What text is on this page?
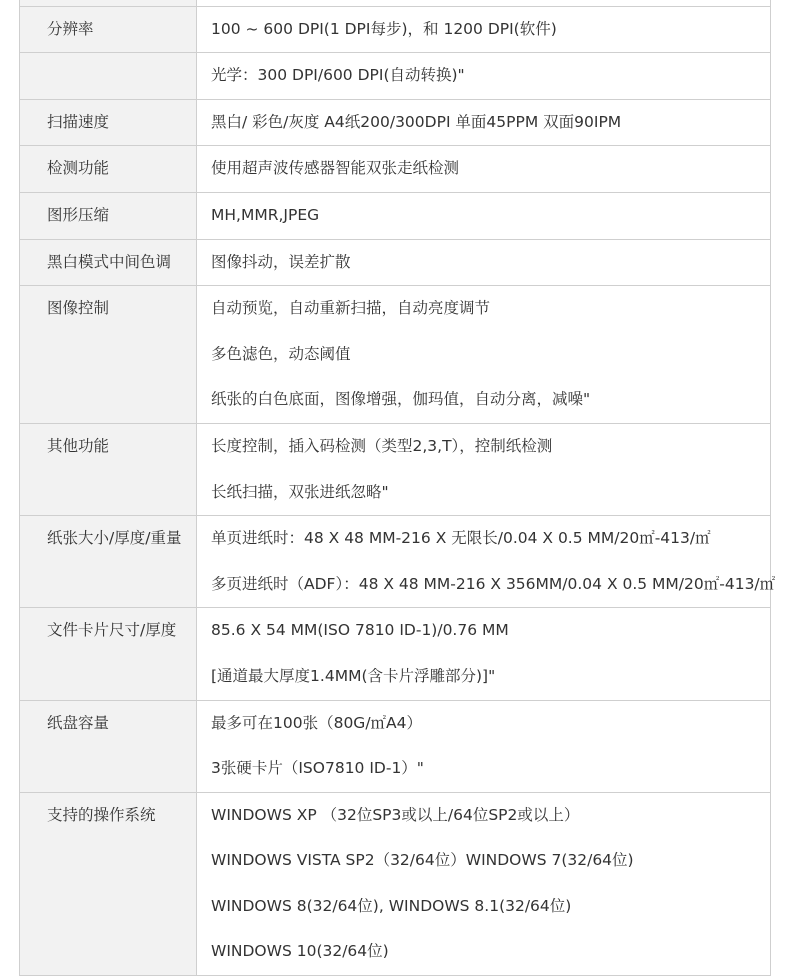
分辨率	100 ~ 600 DPI(1 DPI每步)，和 1200 DPI(软件)
光学：300 DPI/600 DPI(自动转换)"
扫描速度	黑白/ 彩色/灰度 A4纸200/300DPI 单面45PPM 双面90IPM
检测功能	使用超声波传感器智能双张走纸检测
图形压缩	MH,MMR,JPEG
黑白模式中间色调	图像抖动，误差扩散
图像控制	自动预览，自动重新扫描，自动亮度调节
多色滤色，动态阈值
纸张的白色底面，图像增强，伽玛值，自动分离，减噪"
其他功能	长度控制，插入码检测（类型2,3,T），控制纸检测
长纸扫描，双张进纸忽略"
纸张大小/厚度/重量	单页进纸时：48 X 48 MM-216 X 无限长/0.04 X 0.5 MM/20㎡-413/㎡
多页进纸时（ADF）：48 X 48 MM-216 X 356MM/0.04 X 0.5 MM/20㎡-413/㎡
文件卡片尺寸/厚度	85.6 X 54 MM(ISO 7810 ID-1)/0.76 MM
[通道最大厚度1.4MM(含卡片浮雕部分)]"
纸盘容量	最多可在100张（80G/㎡A4）
3张硬卡片（ISO7810 ID-1）"
支持的操作系统	WINDOWS XP （32位SP3或以上/64位SP2或以上）
WINDOWS VISTA SP2（32/64位）WINDOWS 7(32/64位)
WINDOWS 8(32/64位), WINDOWS 8.1(32/64位)
WINDOWS 10(32/64位)
